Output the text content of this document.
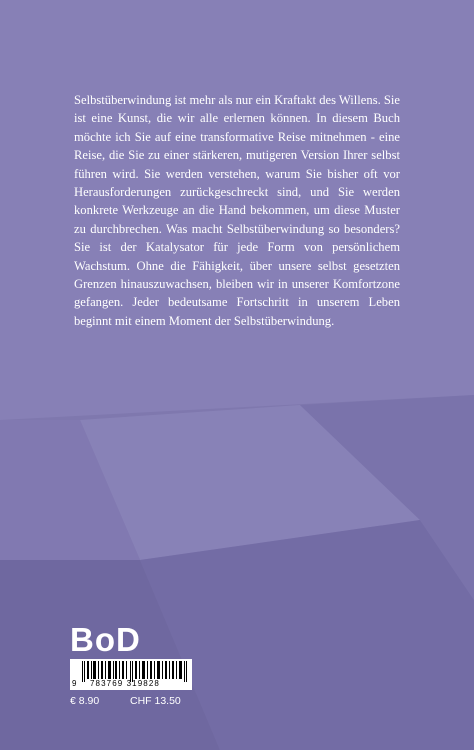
Selbstüberwindung ist mehr als nur ein Kraftakt des Willens. Sie ist eine Kunst, die wir alle erlernen können. In diesem Buch möchte ich Sie auf eine transformative Reise mitnehmen - eine Reise, die Sie zu einer stärkeren, mutigeren Version Ihrer selbst führen wird. Sie werden verstehen, warum Sie bisher oft vor Herausforderungen zurückgeschreckt sind, und Sie werden konkrete Werkzeuge an die Hand bekommen, um diese Muster zu durchbrechen. Was macht Selbstüberwindung so besonders? Sie ist der Katalysator für jede Form von persönlichem Wachstum. Ohne die Fähigkeit, über unsere selbst gesetzten Grenzen hinauszuwachsen, bleiben wir in unserer Komfortzone gefangen. Jeder bedeutsame Fortschritt in unserem Leben beginnt mit einem Moment der Selbstüberwindung.

BoD
9 783769 319828
€ 8.90	CHF 13.50
